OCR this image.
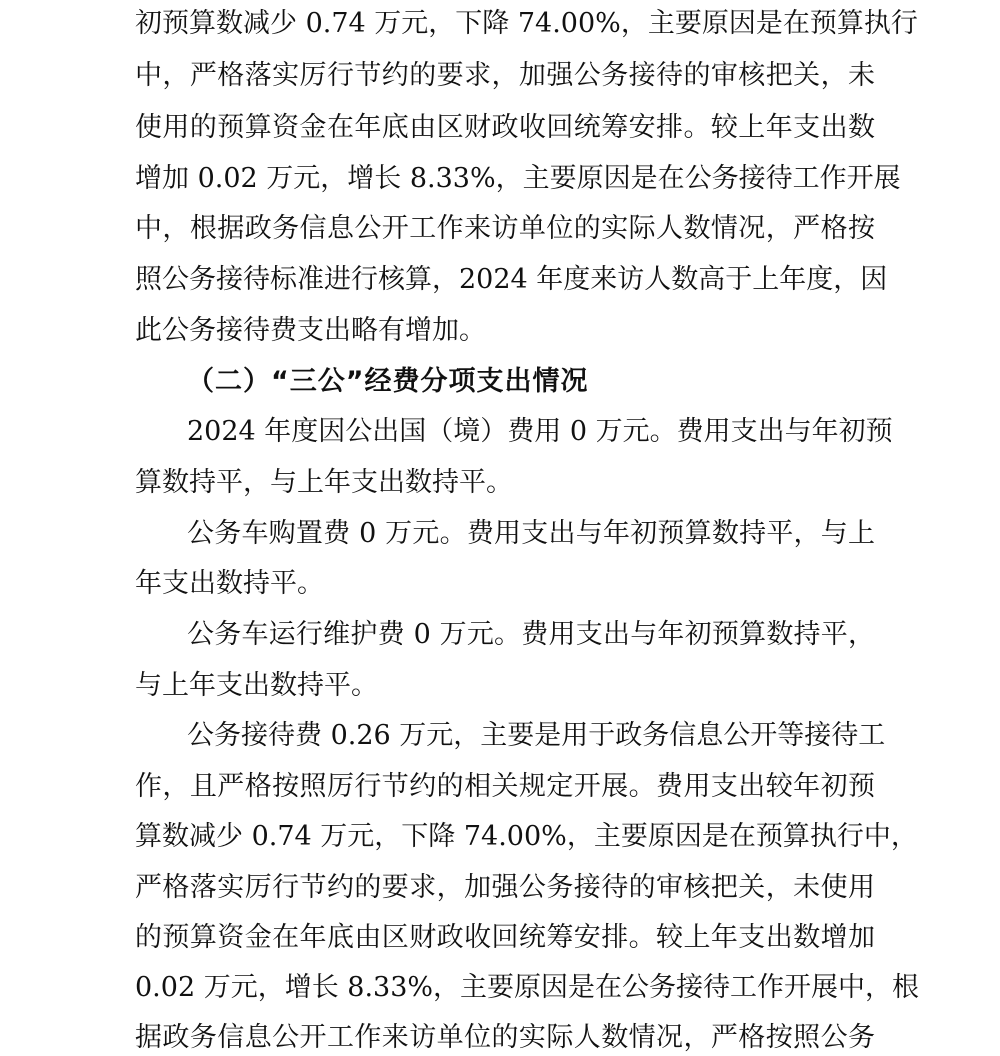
初预算数减少 0.74 万元，下降 74.00%，主要原因是在预算执行
中，严格落实厉行节约的要求，加强公务接待的审核把关，未
使用的预算资金在年底由区财政收回统筹安排。较上年支出数
增加 0.02 万元，增长 8.33%，主要原因是在公务接待工作开展
中，根据政务信息公开工作来访单位的实际人数情况，严格按
照公务接待标准进行核算，2024 年度来访人数高于上年度，因
此公务接待费支出略有增加。
（二）“三公”经费分项支出情况
2024 年度因公出国（境）费用 0 万元。费用支出与年初预
算数持平，与上年支出数持平。
公务车购置费 0 万元。费用支出与年初预算数持平，与上
年支出数持平。
公务车运行维护费 0 万元。费用支出与年初预算数持平，
与上年支出数持平。
公务接待费 0.26 万元，主要是用于政务信息公开等接待工
作，且严格按照厉行节约的相关规定开展。费用支出较年初预
算数减少 0.74 万元，下降 74.00%，主要原因是在预算执行中，
严格落实厉行节约的要求，加强公务接待的审核把关，未使用
的预算资金在年底由区财政收回统筹安排。较上年支出数增加
0.02 万元，增长 8.33%，主要原因是在公务接待工作开展中，根
据政务信息公开工作来访单位的实际人数情况，严格按照公务
